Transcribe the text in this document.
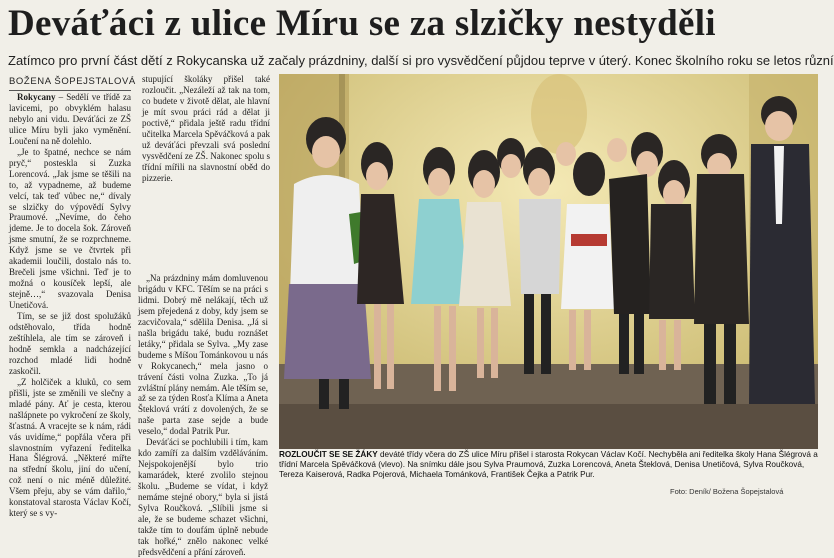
Deváťáci z ulice Míru se za slzičky nestyděli
Zatímco pro první část dětí z Rokycanska už začaly prázdniny, další si pro vysvědčení půjdou teprve v úterý. Konec školního roku se letos různí
BOŽENA ŠOPEJSTALOVÁ

Rokycany – Sedělí ve třídě za lavicemi, po obvyklém halasu nebylo ani vidu. Deváťáci ze ZŠ ulice Míru byli jako vyměnění. Loučení na ně dolehlo.

„Je to špatné, nechce se nám pryč,“ posteskla si Zuzka Lorencová. „Jak jsme se těšili na to, až vypadneme, až budeme velcí, tak teď vůbec ne,“ dívaly se slzičky do výpovědí Sylvy Praumové. „Nevíme, do čeho jdeme. Je to docela šok. Zároveň jsme smutní, že se rozprchneme. Když jsme se ve čtvrtek při akademii loučili, dostalo nás to. Brečeli jsme všichni. Teď je to možná o kousíček lepší, ale stejně…,“ svazovala Denisa Unetičová.

Tím, se se již dost spolužáků odstěhovalo, třída hodně zeštíhlela, ale tím se zároveň i hodně semkla a nadcházející rozchod mladé lidi hodně zaskočil.

„Z holčiček a kluků, co sem přišli, jste se změnili ve slečny a mladé pány. Ať je cesta, kterou našlápnete po vykročení ze školy, šťastná. A vracejte se k nám, rádi vás uvidíme,“ popřála včera při slavnostním vyřazení ředitelka Hana Šlégrová. „Některé mířte na střední školu, jiní do učení, což není o nic méně důležité. Všem přeju, aby se vám dařilo,“ konstatoval starosta Václav Kočí, který se s vy-

stupující školáky přišel také rozloučit. „Nezáleží až tak na tom, co budete v životě dělat, ale hlavní je mít svou práci rád a dělat ji poctivě,“ přidala ještě radu třídní učitelka Marcela Spěváčková a pak už deváťáci převzali svá poslední vysvědčení ze ZŠ. Nakonec spolu s třídní mířili na slavnostní oběd do pizzerie.

„Na prázdniny mám domluvenou brigádu v KFC. Těším se na práci s lidmi. Dobrý mě nelákají, těch už jsem přejedená z doby, kdy jsem se zacvičovala,“ sdělila Denisa. „Já si našla brigádu také, budu roznášet letáky,“ přidala se Sylva. „My zase budeme s Míšou Tománkovou u nás v Rokycanech,“ mela jasno o trávení části volna Zuzka. „To já zvláštní plány nemám. Ale těším se, až se za týden Rosťa Klíma a Aneta Šteklová vrátí z dovolených, že se naše parta zase sejde a bude veselo,“ dodal Patrik Pur.

Deváťáci se pochlubili i tím, kam kdo zamíří za dalším vzděláváním. Nejspokojenější bylo trio kamarádek, které zvolilo stejnou školu. „Budeme se vídat, i když nemáme stejné obory,“ byla si jistá Sylva Roučková. „Slíbili jsme si ale, že se budeme schazet všichni, takže tím to doufám úplně nebude tak hořké,“ znělo nakonec velké předsvědčení a přání zároveň.

ROZLOUČIT SE SE ŽÁKY deváté třídy včera do ZŠ ulice Míru přišel i starosta Rokycan Václav Kočí. Nechyběla ani ředitelka školy Hana Šlégrová a třídní Marcela Spěváčková (vlevo). Na snímku dále jsou Sylva Praumová, Zuzka Lorencová, Aneta Šteklová, Denisa Unetičová, Sylva Roučková, Tereza Kaiserová, Radka Pojerová, Michaela Tománková, František Čejka a Patrik Pur.
Foto: Deník/ Božena Šopejstalová
